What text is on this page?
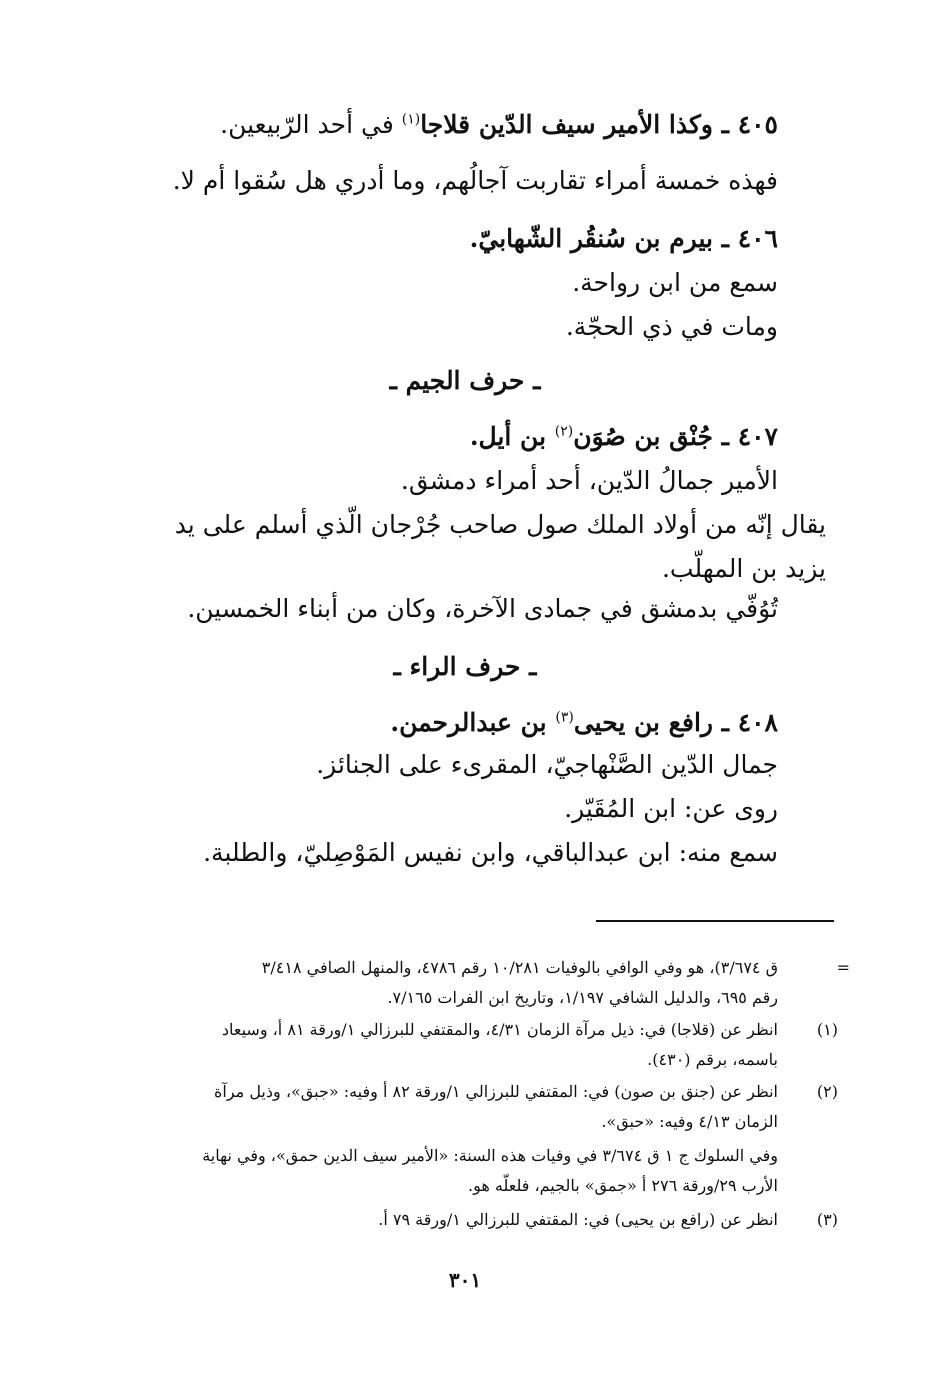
٤٠٥ ـ وكذا الأمير سيف الدّين قلاجا$^{(١)}$ في أحد الرّبيعين.
فهذه خمسة أمراء تقاربت آجالُهم، وما أدري هل سُقوا أم لا.
٤٠٦ ـ بيرم بن سُنقُر الشّهابيّ.
سمع من ابن رواحة.
ومات في ذي الحجّة.
ـ حرف الجيم ـ
٤٠٧ ـ جُنْق بن صُوَن$^{(٢)}$ بن أيل.
الأمير جمالُ الدّين، أحد أمراء دمشق.
يقال إنّه من أولاد الملك صول صاحب جُرْجان الّذي أسلم على يد
يزيد بن المهلّب.
تُوُفّي بدمشق في جمادى الآخرة، وكان من أبناء الخمسين.
ـ حرف الراء ـ
٤٠٨ ـ رافع بن يحيى$^{(٣)}$ بن عبدالرحمن.
جمال الدّين الصَّنْهاجيّ، المقرىء على الجنائز.
روى عن: ابن المُقَيّر.
سمع منه: ابن عبدالباقي، وابن نفيس المَوْصِليّ، والطلبة.
=
ق ٣/٦٧٤)، هو وفي الوافي بالوفيات ١٠/٢٨١ رقم ٤٧٨٦، والمنهل الصافي ٣/٤١٨
رقم ٦٩٥، والدليل الشافي ١/١٩٧، وتاريخ ابن الفرات ٧/١٦٥.
(١)
انظر عن (قلاجا) في: ذيل مرآة الزمان ٤/٣١، والمقتفي للبرزالي ١/ورقة ٨١ أ، وسيعاد
باسمه، برقم (٤٣٠).
(٢)
انظر عن (جنق بن صون) في: المقتفي للبرزالي ١/ورقة ٨٢ أ وفيه: «جبق»، وذيل مرآة
الزمان ٤/١٣ وفيه: «حبق».
وفي السلوك ج ١ ق ٣/٦٧٤ في وفيات هذه السنة: «الأمير سيف الدين حمق»، وفي نهاية
الأرب ٢٩/ورقة ٢٧٦ أ «جمق» بالجيم، فلعلّه هو.
(٣)
انظر عن (رافع بن يحيى) في: المقتفي للبرزالي ١/ورقة ٧٩ أ.
٣٠١
